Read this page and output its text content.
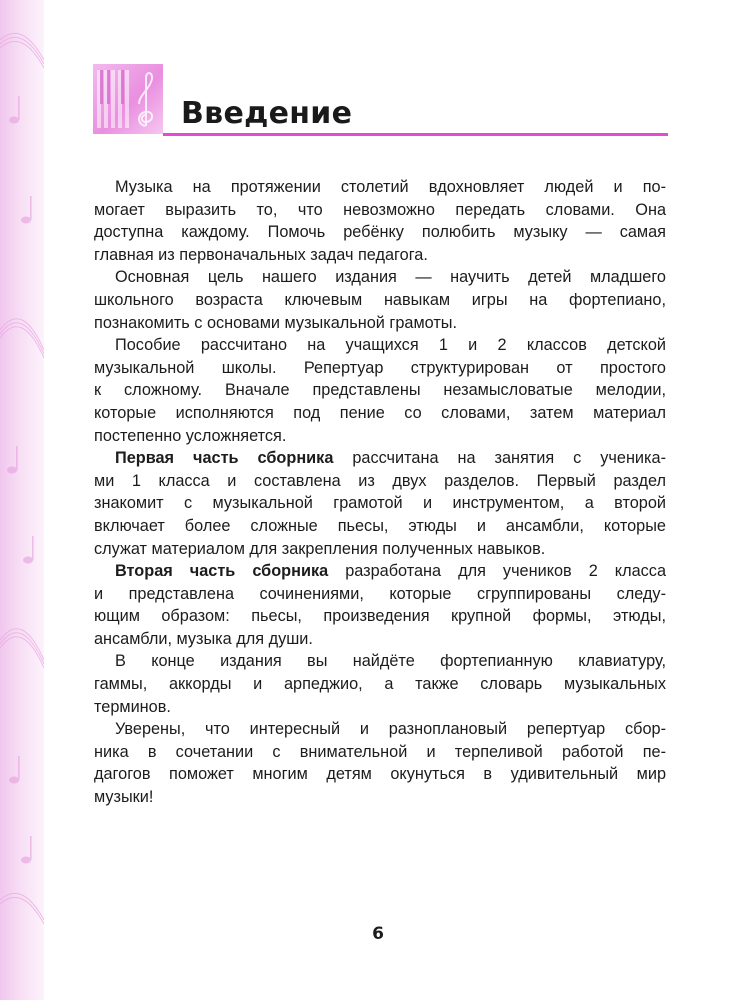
Введение

Музыка на протяжении столетий вдохновляет людей и по-
могает выразить то, что невозможно передать словами. Она
доступна каждому. Помочь ребёнку полюбить музыку — самая
главная из первоначальных задач педагога.

Основная цель нашего издания — научить детей младшего
школьного возраста ключевым навыкам игры на фортепиано,
познакомить с основами музыкальной грамоты.

Пособие рассчитано на учащихся 1 и 2 классов детской
музыкальной школы. Репертуар структурирован от простого
к сложному. Вначале представлены незамысловатые мелодии,
которые исполняются под пение со словами, затем материал
постепенно усложняется.

Первая часть сборника рассчитана на занятия с ученика-
ми 1 класса и составлена из двух разделов. Первый раздел
знакомит с музыкальной грамотой и инструментом, а второй
включает более сложные пьесы, этюды и ансамбли, которые
служат материалом для закрепления полученных навыков.

Вторая часть сборника разработана для учеников 2 класса
и представлена сочинениями, которые сгруппированы следу-
ющим образом: пьесы, произведения крупной формы, этюды,
ансамбли, музыка для души.

В конце издания вы найдёте фортепианную клавиатуру,
гаммы, аккорды и арпеджио, а также словарь музыкальных
терминов.

Уверены, что интересный и разноплановый репертуар сбор-
ника в сочетании с внимательной и терпеливой работой пе-
дагогов поможет многим детям окунуться в удивительный мир
музыки!

6
